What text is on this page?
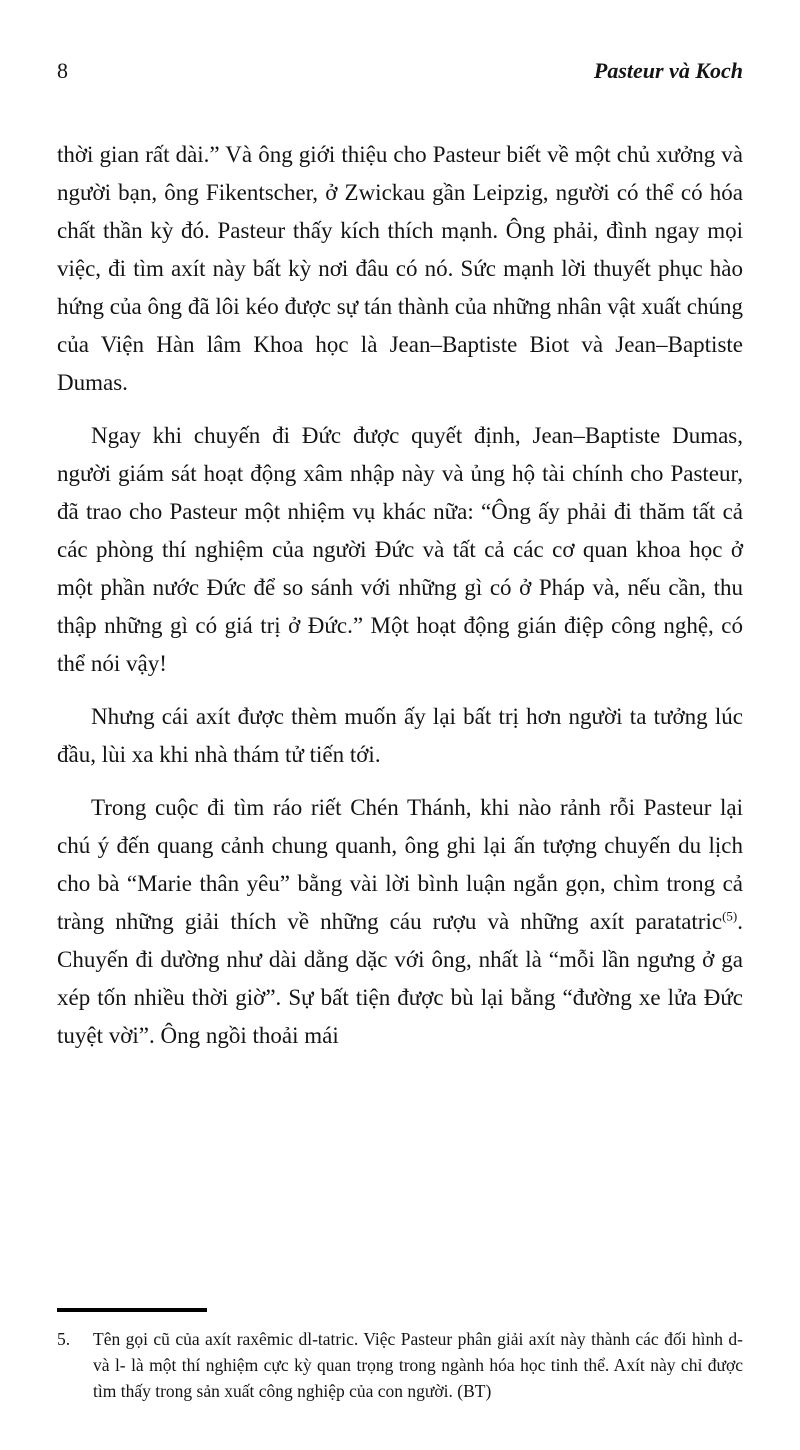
8	Pasteur và Koch

thời gian rất dài.” Và ông giới thiệu cho Pasteur biết về một chủ xưởng và người bạn, ông Fikentscher, ở Zwickau gần Leipzig, người có thể có hóa chất thần kỳ đó. Pasteur thấy kích thích mạnh. Ông phải, đình ngay mọi việc, đi tìm axít này bất kỳ nơi đâu có nó. Sức mạnh lời thuyết phục hào hứng của ông đã lôi kéo được sự tán thành của những nhân vật xuất chúng của Viện Hàn lâm Khoa học là Jean–Baptiste Biot và Jean–Baptiste Dumas.

Ngay khi chuyến đi Đức được quyết định, Jean–Baptiste Dumas, người giám sát hoạt động xâm nhập này và ủng hộ tài chính cho Pasteur, đã trao cho Pasteur một nhiệm vụ khác nữa: “Ông ấy phải đi thăm tất cả các phòng thí nghiệm của người Đức và tất cả các cơ quan khoa học ở một phần nước Đức để so sánh với những gì có ở Pháp và, nếu cần, thu thập những gì có giá trị ở Đức.” Một hoạt động gián điệp công nghệ, có thể nói vậy!

Nhưng cái axít được thèm muốn ấy lại bất trị hơn người ta tưởng lúc đầu, lùi xa khi nhà thám tử tiến tới.

Trong cuộc đi tìm ráo riết Chén Thánh, khi nào rảnh rỗi Pasteur lại chú ý đến quang cảnh chung quanh, ông ghi lại ấn tượng chuyến du lịch cho bà “Marie thân yêu” bằng vài lời bình luận ngắn gọn, chìm trong cả tràng những giải thích về những cáu rượu và những axít paratatric$^{(5)}$. Chuyến đi dường như dài dằng dặc với ông, nhất là “mỗi lần ngưng ở ga xép tốn nhiều thời giờ”. Sự bất tiện được bù lại bằng “đường xe lửa Đức tuyệt vời”. Ông ngồi thoải mái

5.	Tên gọi cũ của axít raxêmic dl-tatric. Việc Pasteur phân giải axít này thành các đối hình d- và l- là một thí nghiệm cực kỳ quan trọng trong ngành hóa học tinh thể. Axít này chỉ được tìm thấy trong sản xuất công nghiệp của con người. (BT)
